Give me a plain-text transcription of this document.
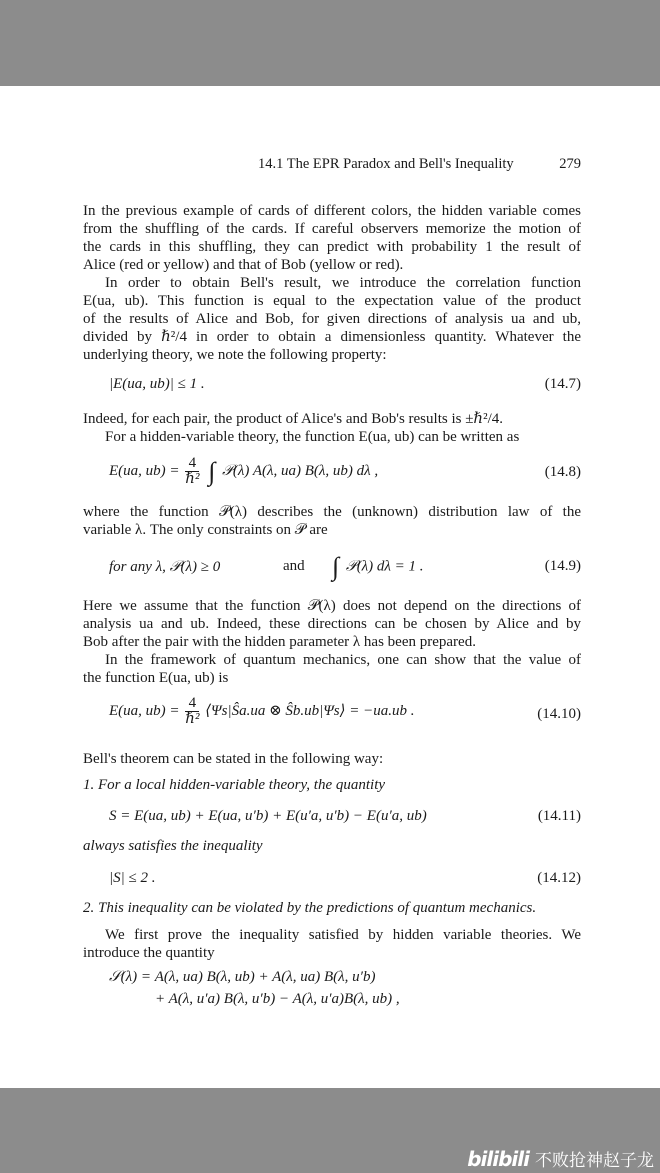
14.1 The EPR Paradox and Bell's Inequality	279
In the previous example of cards of different colors, the hidden variable comes
from the shuffling of the cards. If careful observers memorize the motion of
the cards in this shuffling, they can predict with probability 1 the result of
Alice (red or yellow) and that of Bob (yellow or red).
In order to obtain Bell's result, we introduce the correlation function
E(ua, ub). This function is equal to the expectation value of the product
of the results of Alice and Bob, for given directions of analysis ua and ub,
divided by ℏ²/4 in order to obtain a dimensionless quantity. Whatever the
underlying theory, we note the following property:
|E(ua, ub)| ≤ 1 .	(14.7)
Indeed, for each pair, the product of Alice's and Bob's results is ±ℏ²/4.
For a hidden-variable theory, the function E(ua, ub) can be written as
E(ua, $ub) = \frac{4}{\text{ℏ²}}$ ∫ 𝒫(λ) A(λ, ua) B(λ, ub) dλ ,	(14.8)
where the function 𝒫(λ) describes the (unknown) distribution law of the
variable λ. The only constraints on 𝒫 are
for any λ, 𝒫(λ) ≥ 0	and ∫ 𝒫(λ) dλ = 1 .	(14.9)
Here we assume that the function 𝒫(λ) does not depend on the directions of
analysis ua and ub. Indeed, these directions can be chosen by Alice and by
Bob after the pair with the hidden parameter λ has been prepared.
In the framework of quantum mechanics, one can show that the value of
the function E(ua, ub) is
E(ua, $ub) = \frac{4}{\text{ℏ²}}$ ⟨Ψs|Ŝa.ua ⊗ Ŝb.ub|Ψs⟩ = −ua.ub .	(14.10)
Bell's theorem can be stated in the following way:
1. For a local hidden-variable theory, the quantity
S = E(ua, ub) + E(ua, u′b) + E(u′a, u′b) − E(u′a, ub)	(14.11)
always satisfies the inequality
|S| ≤ 2 .	(14.12)
2. This inequality can be violated by the predictions of quantum mechanics.
We first prove the inequality satisfied by hidden variable theories. We
introduce the quantity
𝒮(λ) = A(λ, ua) B(λ, ub) + A(λ, ua) B(λ, u′b)
+ A(λ, u′a) B(λ, u′b) − A(λ, u′a)B(λ, ub) ,
bilibili 不败抢神赵子龙
